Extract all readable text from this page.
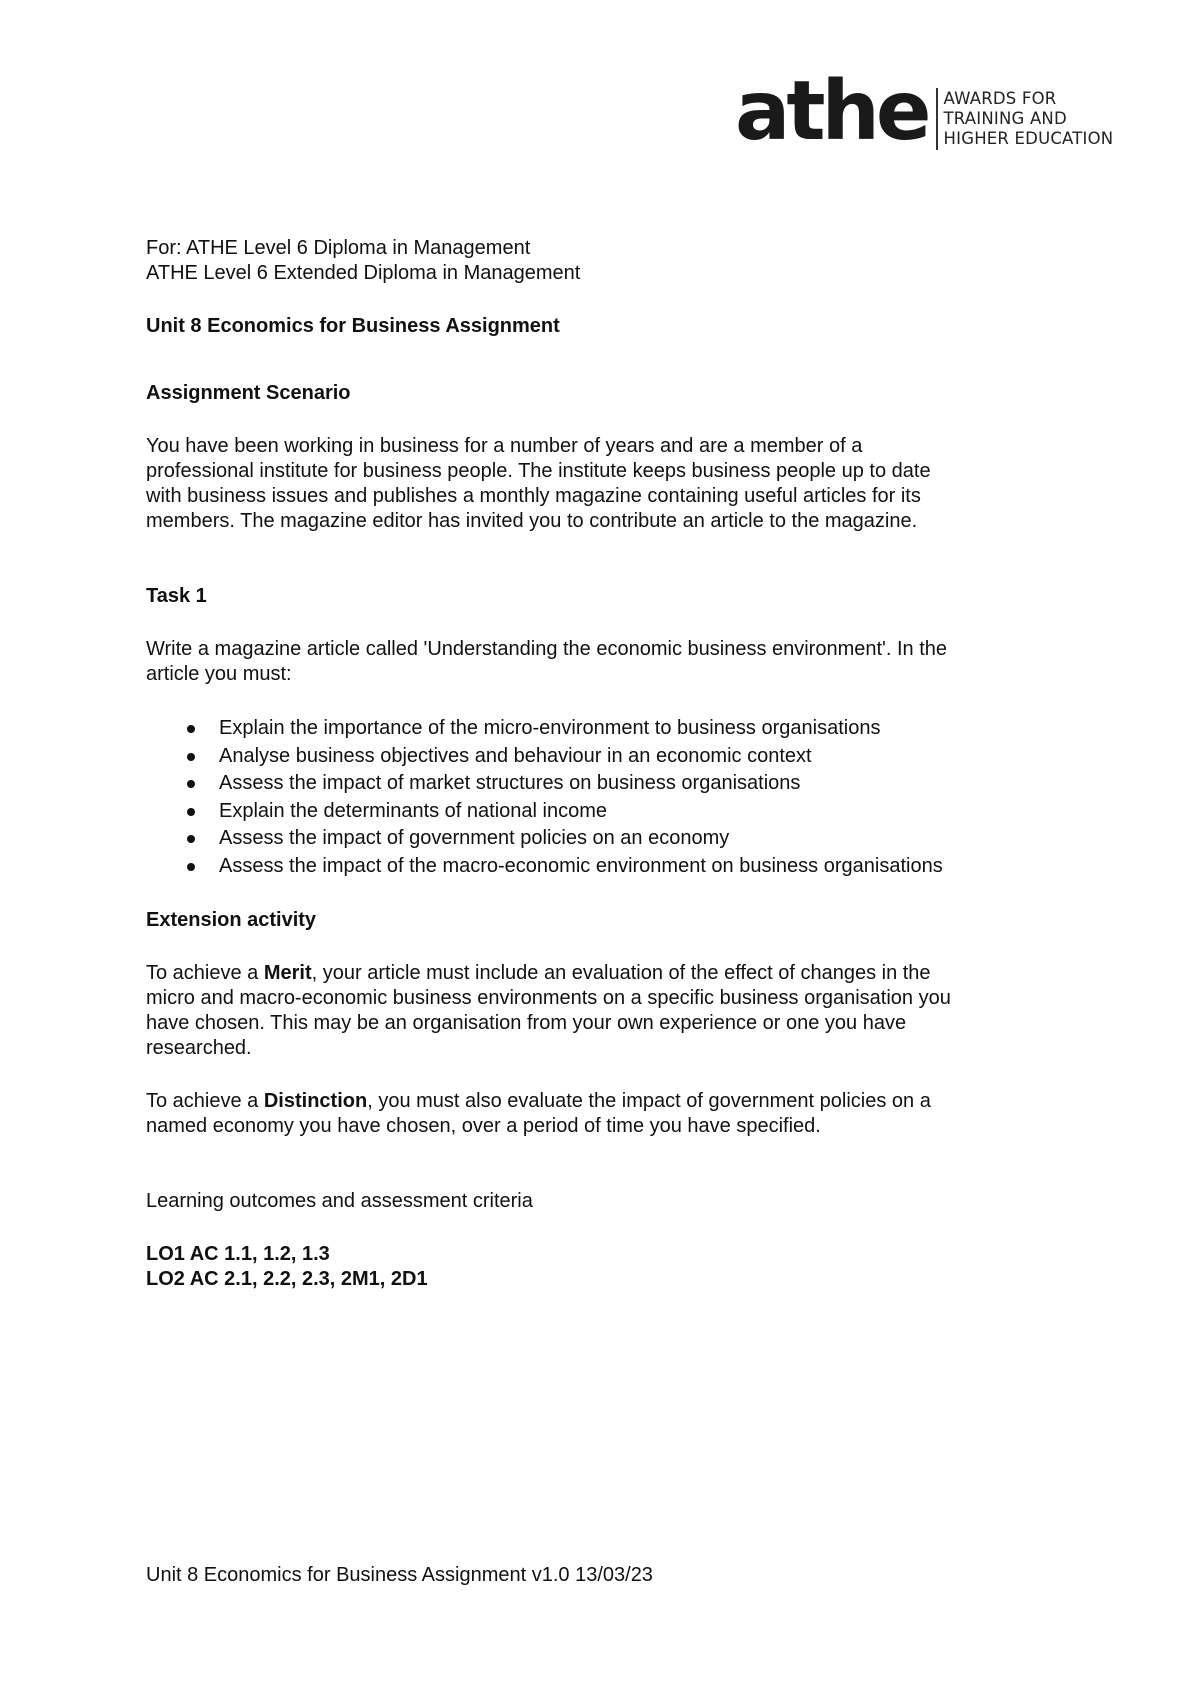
athe AWARDS FOR
TRAINING AND
HIGHER EDUCATION
For: ATHE Level 6 Diploma in Management
ATHE Level 6 Extended Diploma in Management
Unit 8 Economics for Business Assignment
Assignment Scenario
You have been working in business for a number of years and are a member of a
professional institute for business people. The institute keeps business people up to date
with business issues and publishes a monthly magazine containing useful articles for its
members. The magazine editor has invited you to contribute an article to the magazine.
Task 1
Write a magazine article called 'Understanding the economic business environment'. In the
article you must:
Explain the importance of the micro-environment to business organisations
Analyse business objectives and behaviour in an economic context
Assess the impact of market structures on business organisations
Explain the determinants of national income
Assess the impact of government policies on an economy
Assess the impact of the macro-economic environment on business organisations
Extension activity
To achieve a Merit, your article must include an evaluation of the effect of changes in the
micro and macro-economic business environments on a specific business organisation you
have chosen. This may be an organisation from your own experience or one you have
researched.
To achieve a Distinction, you must also evaluate the impact of government policies on a
named economy you have chosen, over a period of time you have specified.
Learning outcomes and assessment criteria
LO1 AC 1.1, 1.2, 1.3
LO2 AC 2.1, 2.2, 2.3, 2M1, 2D1
Unit 8 Economics for Business Assignment v1.0 13/03/23
